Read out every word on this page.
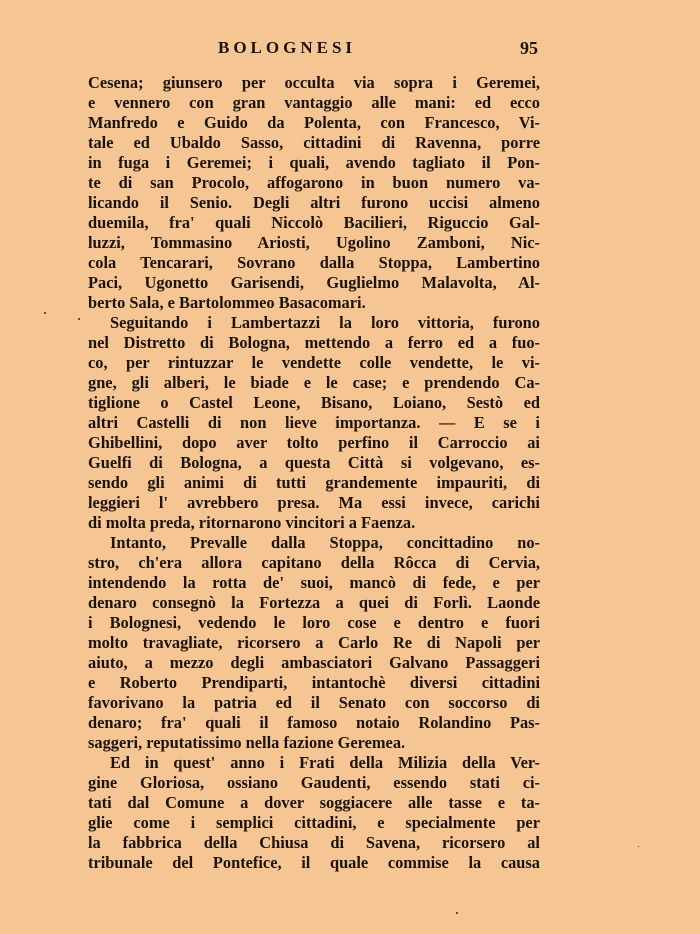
BOLOGNESI	95
Cesena; giunsero per occulta via sopra i Geremei,
e vennero con gran vantaggio alle mani: ed ecco
Manfredo e Guido da Polenta, con Francesco, Vi-
tale ed Ubaldo Sasso, cittadini di Ravenna, porre
in fuga i Geremei; i quali, avendo tagliato il Pon-
te di san Procolo, affogarono in buon numero va-
licando il Senio. Degli altri furono uccisi almeno
duemila, fra' quali Niccolò Bacilieri, Riguccio Gal-
luzzi, Tommasino Ariosti, Ugolino Zamboni, Nic-
cola Tencarari, Sovrano dalla Stoppa, Lambertino
Paci, Ugonetto Garisendi, Guglielmo Malavolta, Al-
berto Sala, e Bartolommeo Basacomari.
Seguitando i Lambertazzi la loro vittoria, furono
nel Distretto di Bologna, mettendo a ferro ed a fuo-
co, per rintuzzar le vendette colle vendette, le vi-
gne, gli alberi, le biade e le case; e prendendo Ca-
tiglione o Castel Leone, Bisano, Loiano, Sestò ed
altri Castelli di non lieve importanza. — E se i
Ghibellini, dopo aver tolto perfino il Carroccio ai
Guelfi di Bologna, a questa Città si volgevano, es-
sendo gli animi di tutti grandemente impauriti, di
leggieri l' avrebbero presa. Ma essi invece, carichi
di molta preda, ritornarono vincitori a Faenza.
Intanto, Prevalle dalla Stoppa, concittadino no-
stro, ch'era allora capitano della Rôcca di Cervia,
intendendo la rotta de' suoi, mancò di fede, e per
denaro consegnò la Fortezza a quei di Forlì. Laonde
i Bolognesi, vedendo le loro cose e dentro e fuori
molto travagliate, ricorsero a Carlo Re di Napoli per
aiuto, a mezzo degli ambasciatori Galvano Passaggeri
e Roberto Prendiparti, intantochè diversi cittadini
favorivano la patria ed il Senato con soccorso di
denaro; fra' quali il famoso notaio Rolandino Pas-
saggeri, reputatissimo nella fazione Geremea.
Ed in quest' anno i Frati della Milizia della Ver-
gine Gloriosa, ossiano Gaudenti, essendo stati ci-
tati dal Comune a dover soggiacere alle tasse e ta-
glie come i semplici cittadini, e specialmente per
la fabbrica della Chiusa di Savena, ricorsero al
tribunale del Pontefice, il quale commise la causa
